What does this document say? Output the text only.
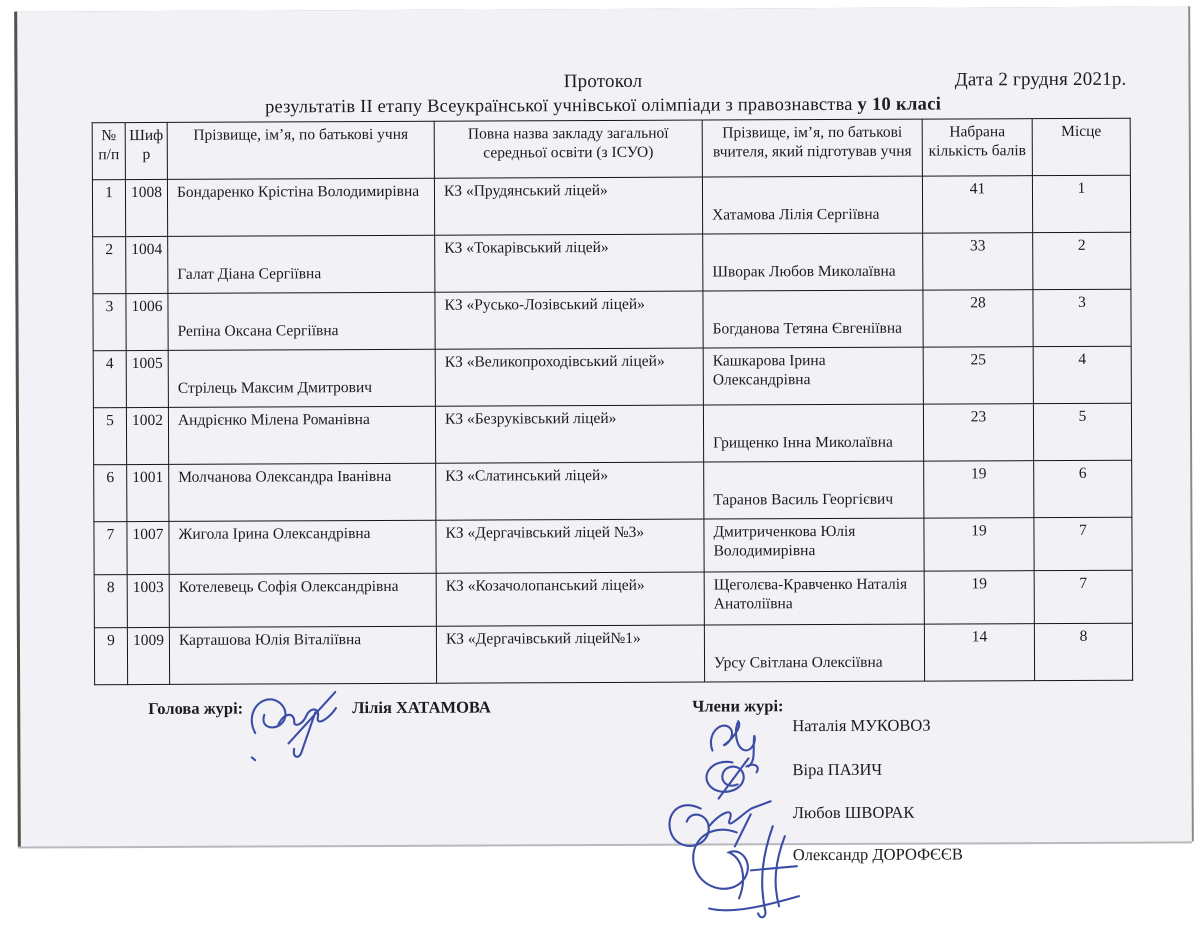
Протокол	Дата 2 грудня 2021р.
результатів ІІ етапу Всеукраїнської учнівської олімпіади з правознавства у 10 класі
№ п/п	Шифр	Прізвище, ім’я, по батькові учня	Повна назва закладу загальної середньої освіти (з ІСУО)	Прізвище, ім’я, по батькові вчителя, який підготував учня	Набрана кількість балів	Місце
1	1008	Бондаренко Крістіна Володимирівна	КЗ «Прудянський ліцей»	Хатамова Лілія Сергіївна	41	1
2	1004	Галат Діана Сергіївна	КЗ «Токарівський ліцей»	Шворак Любов Миколаївна	33	2
3	1006	Репіна Оксана Сергіївна	КЗ «Русько-Лозівський ліцей»	Богданова Тетяна Євгеніївна	28	3
4	1005	Стрілець Максим Дмитрович	КЗ «Великопроходівський ліцей»	Кашкарова Ірина Олександрівна	25	4
5	1002	Андрієнко Мілена Романівна	КЗ «Безруківський ліцей»	Грищенко Інна Миколаївна	23	5
6	1001	Молчанова Олександра Іванівна	КЗ «Слатинський ліцей»	Таранов Василь Георгієвич	19	6
7	1007	Жигола Ірина Олександрівна	КЗ «Дергачівський ліцей №3»	Дмитриченкова Юлія Володимирівна	19	7
8	1003	Котелевець Софія Олександрівна	КЗ «Козачолопанський ліцей»	Щеголєва-Кравченко Наталія Анатоліївна	19	7
9	1009	Карташова Юлія Віталіївна	КЗ «Дергачівський ліцей№1»	Урсу Світлана Олексіївна	14	8
Голова журі:	Лілія ХАТАМОВА	Члени журі:
Наталія МУКОВОЗ
Віра ПАЗИЧ
Любов ШВОРАК
Олександр ДОРОФЄЄВ
